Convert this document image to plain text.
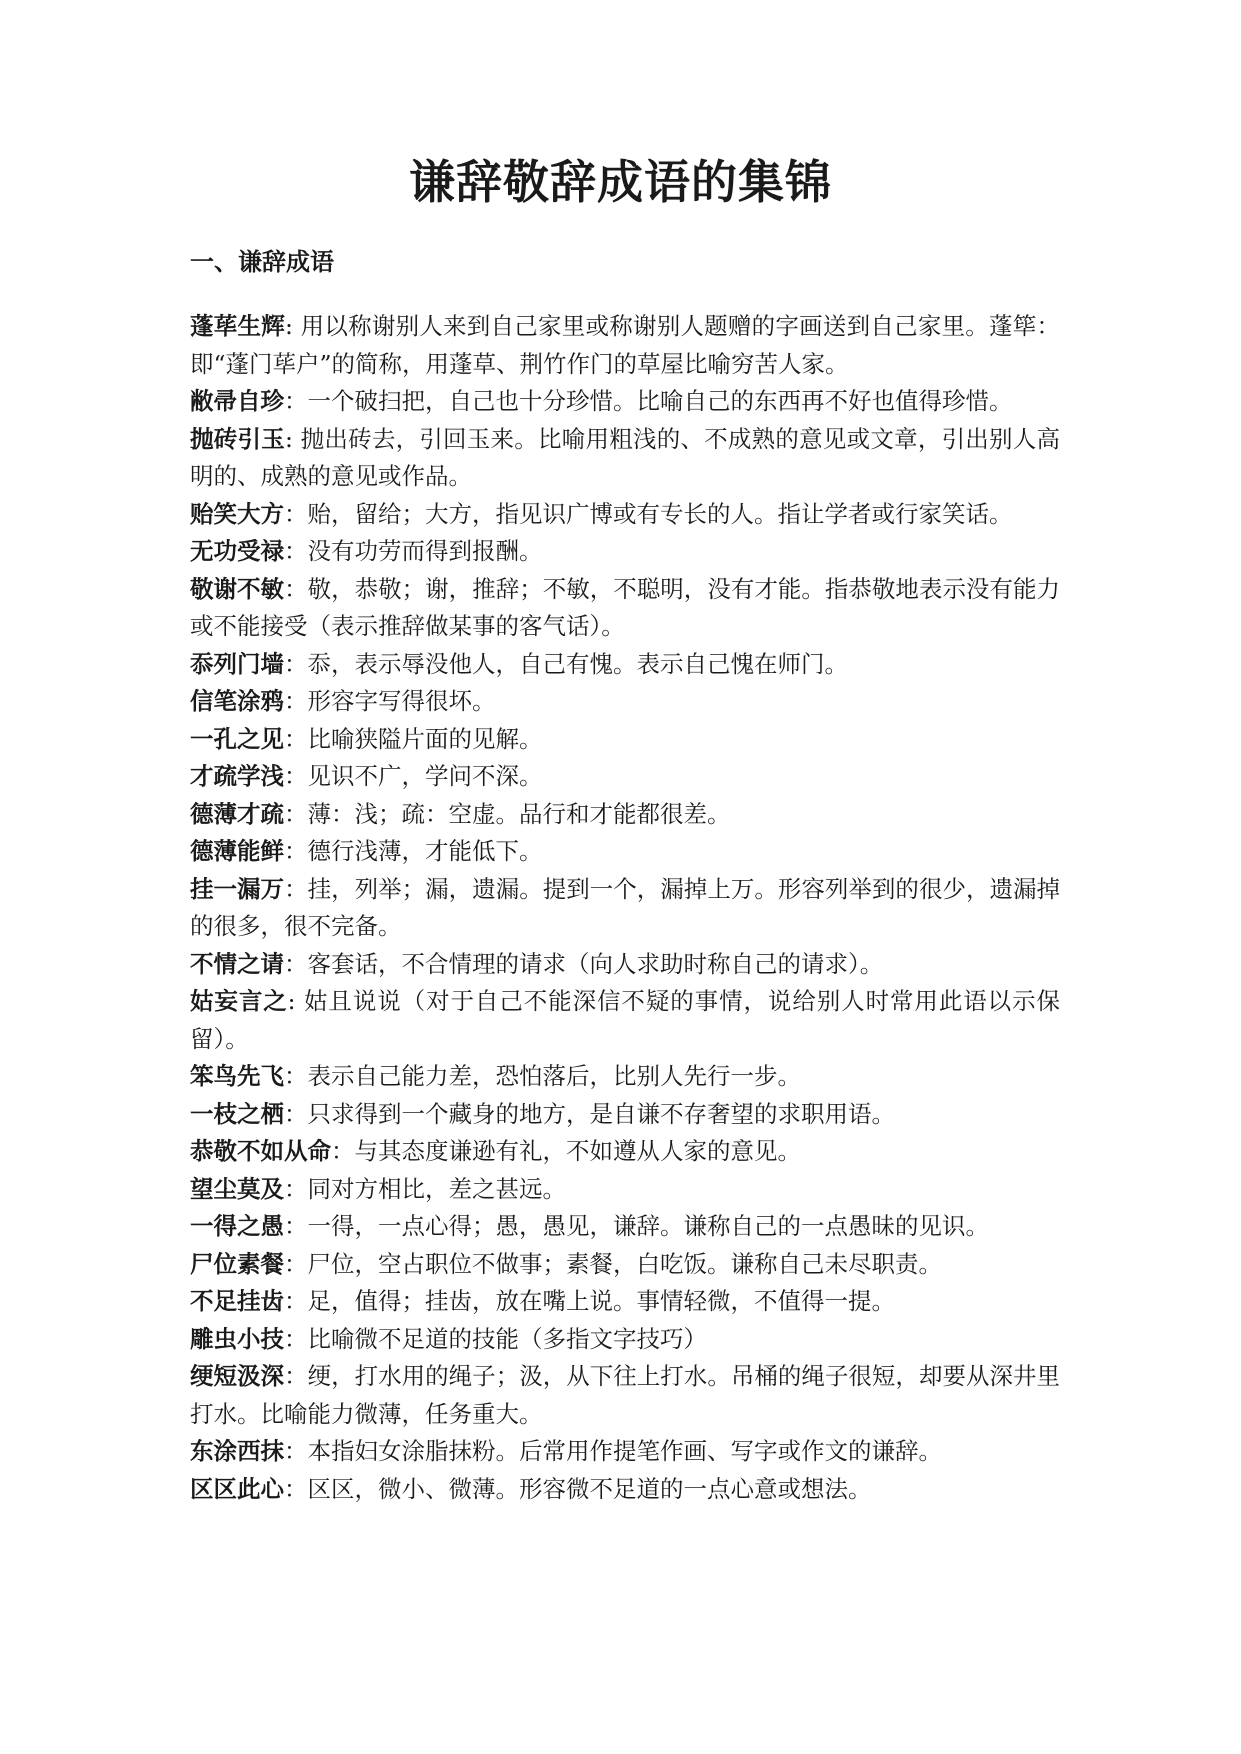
谦辞敬辞成语的集锦
一、谦辞成语
蓬荜生辉: 用以称谢别人来到自己家里或称谢别人题赠的字画送到自己家里。蓬筚：即“蓬门荜户”的简称，用蓬草、荆竹作门的草屋比喻穷苦人家。
敝帚自珍：一个破扫把，自己也十分珍惜。比喻自己的东西再不好也值得珍惜。
抛砖引玉: 抛出砖去，引回玉来。比喻用粗浅的、不成熟的意见或文章，引出别人高明的、成熟的意见或作品。
贻笑大方：贻，留给；大方，指见识广博或有专长的人。指让学者或行家笑话。
无功受禄：没有功劳而得到报酬。
敬谢不敏：敬，恭敬；谢，推辞；不敏，不聪明，没有才能。指恭敬地表示没有能力或不能接受（表示推辞做某事的客气话）。
忝列门墙：忝，表示辱没他人，自己有愧。表示自己愧在师门。
信笔涂鸦：形容字写得很坏。
一孔之见：比喻狭隘片面的见解。
才疏学浅：见识不广，学问不深。
德薄才疏：薄：浅；疏：空虚。品行和才能都很差。
德薄能鲜：德行浅薄，才能低下。
挂一漏万：挂，列举；漏，遗漏。提到一个，漏掉上万。形容列举到的很少，遗漏掉的很多，很不完备。
不情之请：客套话，不合情理的请求（向人求助时称自己的请求）。
姑妄言之: 姑且说说（对于自己不能深信不疑的事情，说给别人时常用此语以示保留）。
笨鸟先飞：表示自己能力差，恐怕落后，比别人先行一步。
一枝之栖：只求得到一个藏身的地方，是自谦不存奢望的求职用语。
恭敬不如从命：与其态度谦逊有礼，不如遵从人家的意见。
望尘莫及：同对方相比，差之甚远。
一得之愚：一得，一点心得；愚，愚见，谦辞。谦称自己的一点愚昧的见识。
尸位素餐：尸位，空占职位不做事；素餐，白吃饭。谦称自己未尽职责。
不足挂齿：足，值得；挂齿，放在嘴上说。事情轻微，不值得一提。
雕虫小技：比喻微不足道的技能（多指文字技巧）
绠短汲深：绠，打水用的绳子；汲，从下往上打水。吊桶的绳子很短，却要从深井里打水。比喻能力微薄，任务重大。
东涂西抹：本指妇女涂脂抹粉。后常用作提笔作画、写字或作文的谦辞。
区区此心：区区，微小、微薄。形容微不足道的一点心意或想法。
